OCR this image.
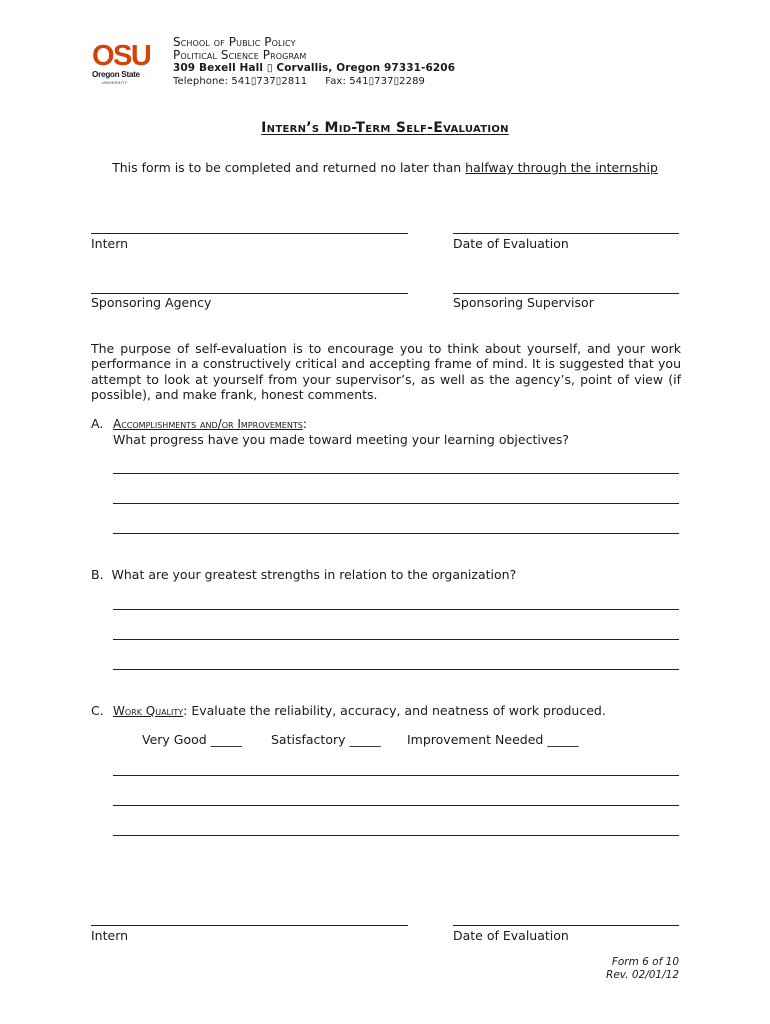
OSU
Oregon State
UNIVERSITY
School of Public Policy
Political Science Program
309 Bexell Hall ▯ Corvallis, Oregon 97331-6206
Telephone: 541▯737▯2811 Fax: 541▯737▯2289
Intern’s Mid-Term Self-Evaluation
This form is to be completed and returned no later than halfway through the internship
Intern	Date of Evaluation
Sponsoring Agency	Sponsoring Supervisor
The purpose of self-evaluation is to encourage you to think about yourself, and your work performance in a constructively critical and accepting frame of mind. It is suggested that you attempt to look at yourself from your supervisor’s, as well as the agency’s, point of view (if possible), and make frank, honest comments.
A. Accomplishments and/or Improvements:
What progress have you made toward meeting your learning objectives?
B. What are your greatest strengths in relation to the organization?
C. Work Quality: Evaluate the reliability, accuracy, and neatness of work produced.
Very Good _____ Satisfactory _____ Improvement Needed _____
Intern	Date of Evaluation
Form 6 of 10
Rev. 02/01/12
